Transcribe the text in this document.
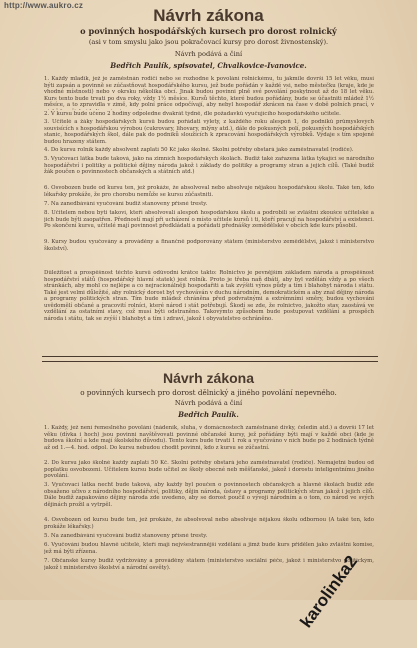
http://www.aukro.cz
Návrh zákona
o povinných hospodářských kursech pro dorost rolnický
(asi v tom smyslu jako jsou pokračovací kursy pro dorost živnostenský).
Návrh podává a činí
Bedřich Paulík, spisovatel, Chvalkovice-Ivanovice.

1. Každý mladík, jež je zaměstnán rodiči nebo se rozhodne k povolání rolnickému, tu jakmile dovrší 15 let věku, musí býti zapsán a povinně se zúčastňovat hospodářského kursu, jež bude pořádán v každé vsi, nebo městečku (kraje, kde je vhodné místnosti) nebo v okrsku několika obcí. Jinak budou povinni plně své povolání poskytnout až do 18 let věku. Kurs tento bude trvati po dva roky, vždy 1½ měsíce. Kursů těchto, které budou pořádány, bude se účastniti mládež 1½ měsíce, a to zpravidla v zimě, kdy polní práce odpočívají, aby nebyl hospodář zkrácen na čase v době polních prací, v

2. V kursu bude učeno 2 hodiny odpoledne dvakrát týdně, dle požadavků vyučujícího hospodářského učitele.

3. Učitelé a žáky hospodářských kursů budou pořádati výlety, z každého roku alespoň 1, do podniků průmyslových souvisících s hospodářskou výrobou (cukrovary, lihovary, mlýny atd.), dále do pokusných polí, pokusných hospodářských stanic, hospodářských škol, dále pak do podniků sloužících k zpracování hospodářských výrobků. Výdaje s tím spojené budou hrazeny státem.

4. Do kursu rolník každý absolvent zaplatí 50 Kč jako školné. Školní potřeby obstará jako zaměstnavatel (rodiče).

5. Vyučovací látka bude taková, jako na zimních hospodářských školách. Budiž také zařazena látka týkající se národního hospodářství i politiky a politické dějiny národa jakož i základy do politiky a programy stran a jejich cílů. (Také budiž žák poučen o povinnostech občanských a státních atd.)

6. Osvobozen bude od kursu ten, jež prokáže, že absolvoval nebo absolvuje nějakou hospodářskou školu. Také ten, kdo lékařsky prokáže, že pro chorobu nemůže se kursu zúčastniti.

7. Na zanedbávání vyučování budiž stanoveny přísné tresty.

8. Učitelem nebou býti takoví, kteří absolvovali alespoň hospodářskou školu a podrobili se zvláštní zkoušce učitelské a jich bude býti zaopatřen. Předností mají při ucházení o místo učitele kursů i ti, kteří pracují na hospodářství a existenci. Po skončení kursu, učitelé mají povinnost předkládati a pořádati přednášky zemědělské v obcích kde kurs působil.

9. Kursy budou vyučovány a prováděny a finančně podporovány státem (ministerstvo zemědělství, jakož i ministerstvo školství).

Důležitost a prospěšnost těchto kursů odůvodní krátce takto: Rolnictvo je pevnějším základem národa a prospěšnost hospodářství států (hospodářský hlavní statek) jest rolník. Proto je třeba naň dbáti, aby byl vzdělán vždy a po všech stránkách, aby mohl co nejlépe a co nejracionálněji hospodařiti a tak zvýšiti výnos půdy a tím i blahobyt národa i státu. Také jest velmi důležité, aby rolnický dorost byl vychováván v duchu národním, demokratickém a aby znal dějiny národa a programy politických stran. Tím bude mládež chráněna před podvratnými a extrémními směry, budou vychováni uvědomělí občané a pracovití rolníci, které národ i stát potřebují. Škodí se zde, že rolnictvo, jakožto stav, zaostává ve vzdělání za ostatními stavy, což musí býti odstraněno. Takovýmto způsobem bude postupovat vzdělání a prospěch národa i státu, tak se zvýší i blahobyt a tím i zdraví, jakož i obyvatelstvo ochráněno.

Návrh zákona
o povinných kursech pro dorost dělnický a jiného povolání nepevného.
Návrh podává a činí
Bedřich Paulík.

1. Každý, jež není řemeslného povolání (nádeník, sluha, v domácnostech zaměstnané dívky, čeledín atd.) a dovrší 17 let věku (dívka i hoch) jsou povinni navštěvovati povinné občanské kursy, jež pořádány býti mají v každé obci (kde je budova školní a kde mají školského důvodu). Tento kurs bude trvati 1 rok a vyučováno v nich bude po 2 hodinách týdně až od 1.—4. hod. odpol. Do kursu nebudou chodit povinni, kdo z kursu se zúčastní.

2. Do kursu jako školné každý zaplatí 50 Kč. Školní potřeby obstará jeho zaměstnavatel (rodiče). Nemajetní budou od poplatku osvobozeni. Učitelem kursu bude učitel ze školy obecné neb měšťanské, jakož i dorostu inteligentnímu jiného povolání.

3. Vyučovací látka nechť bude taková, aby každý byl poučen o povinnostech občanských a hlavně školách budiž zde obsaženo učivo z národního hospodářství, politiky, dějin národa, ústavy a programy politických stran jakož i jejich cílů. Dále budiž zapakováno dějiny národa zde uvedeno, aby se dorost poučil o vývoji národním a o tom, co národ ve svých dějinách prožil a vytrpěl.

4. Osvobozen od kursu bude ten, jež prokáže, že absolvoval nebo absolvuje nějakou školu odbornou (A také ten, kdo prokáže lékařsky.)

5. Na zanedbávání vyučování budiž stanoveny přísné tresty.

6. Vyučování budou hlavně učitelé, kteří mají nejvšestrannější vzdělání a jimž bude kurs přidělen jako zvláštní komise, jež má býti zřízena.

7. Občanské kursy budiž vydržovány a prováděny státem (ministerstvo sociální péče, jakož i ministerstvo politickým, jakož i ministerstvo školství a národní osvěty).	karolinka2
